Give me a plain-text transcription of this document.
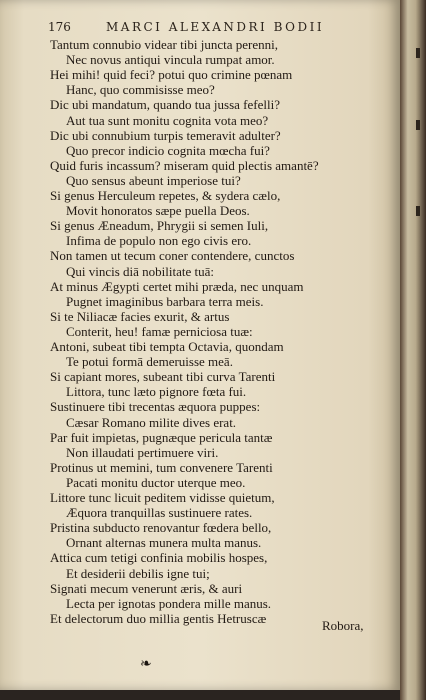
176	MARCI ALEXANDRI BODII
Tantum connubio videar tibi juncta perenni,
Nec novus antiqui vincula rumpat amor.
Hei mihi! quid feci? potui quo crimine pœnam
Hanc, quo commisisse meo?
Dic ubi mandatum, quando tua jussa fefelli?
Aut tua sunt monitu cognita vota meo?
Dic ubi connubium turpis temeravit adulter?
Quo precor indicio cognita mœcha fui?
Quid furis incassum? miseram quid plectis amantē?
Quo sensus abeunt imperiose tui?
Si genus Herculeum repetes, & sydera cælo,
Movit honoratos sæpe puella Deos.
Si genus Æneadum, Phrygii si semen Iuli,
Infima de populo non ego civis ero.
Non tamen ut tecum coner contendere, cunctos
Qui vincis diā nobilitate tuā:
At minus Ægypti certet mihi præda, nec unquam
Pugnet imaginibus barbara terra meis.
Si te Niliacæ facies exurit, & artus
Conterit, heu! famæ perniciosa tuæ:
Antoni, subeat tibi tempta Octavia, quondam
Te potui formā demeruisse meā.
Si capiant mores, subeant tibi curva Tarenti
Littora, tunc læto pignore fœta fui.
Sustinuere tibi trecentas æquora puppes:
Cæsar Romano milite dives erat.
Par fuit impietas, pugnæque pericula tantæ
Non illaudati pertimuere viri.
Protinus ut memini, tum convenere Tarenti
Pacati monitu ductor uterque meo.
Littore tunc licuit peditem vidisse quietum,
Æquora tranquillas sustinuere rates.
Pristina subducto renovantur fœdera bello,
Ornant alternas munera multa manus.
Attica cum tetigi confinia mobilis hospes,
Et desiderii debilis igne tui;
Signati mecum venerunt æris, & auri
Lecta per ignotas pondera mille manus.
Et delectorum duo millia gentis Hetruscæ	Robora,
❧
